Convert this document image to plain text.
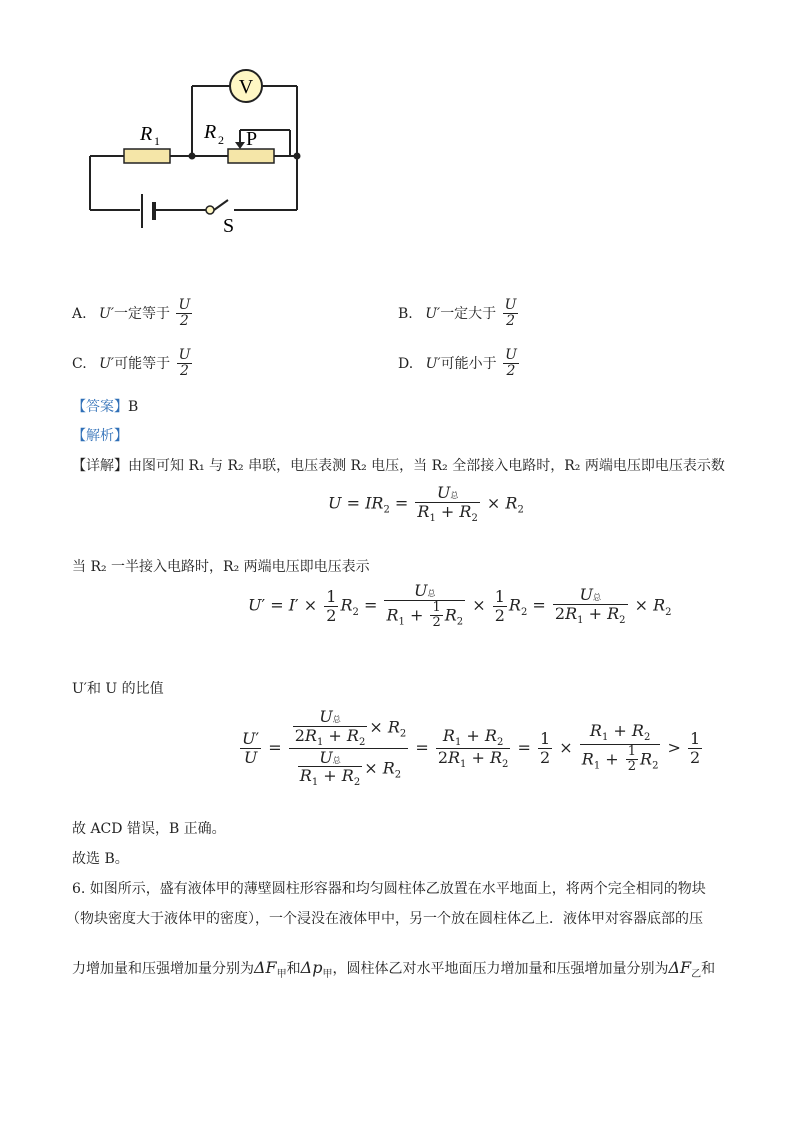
V
R 1 R 2 P
S
A. U′一定等于 $\frac{U}{2}$	B. U′一定大于 $\frac{U}{2}$
C. U′可能等于 $\frac{U}{2}$	D. U′可能小于 $\frac{U}{2}$
【答案】B
【解析】
【详解】由图可知 R₁ 与 R₂ 串联，电压表测 R₂ 电压，当 R₂ 全部接入电路时，R₂ 两端电压即电压表示数
$U = IR_2 = \frac{\text{U总}}{R_1 + R_2} \times R_2$
当 R₂ 一半接入电路时，R₂ 两端电压即电压表示
$U' = I' \times \frac{1}{2} R_2 = \frac{\text{U总}}{R_1 + \frac{1}{2} R_2} \times \frac{1}{2} R_2 = \frac{\text{U总}}{2R_1 + R_2} \times R_2$
U′和 U 的比值
$\frac{U'}{U} = \frac{\frac{\text{U总}}{2R_1 + R_2} \times R_2}{\frac{\text{U总}}{R_1 + R_2} \times R_2} = \frac{R_1 + R_2}{2R_1 + R_2} = \frac{1}{2} \times \frac{R_1 + R_2}{R_1 + \frac{1}{2} R_2} > \frac{1}{2}$
故 ACD 错误，B 正确。
故选 B。
6. 如图所示，盛有液体甲的薄壁圆柱形容器和均匀圆柱体乙放置在水平地面上，将两个完全相同的物块
（物块密度大于液体甲的密度），一个浸没在液体甲中，另一个放在圆柱体乙上．液体甲对容器底部的压
力增加量和压强增加量分别为$\Delta F_甲$和$\Delta p_甲$，圆柱体乙对水平地面压力增加量和压强增加量分别为$\Delta F_乙$和
